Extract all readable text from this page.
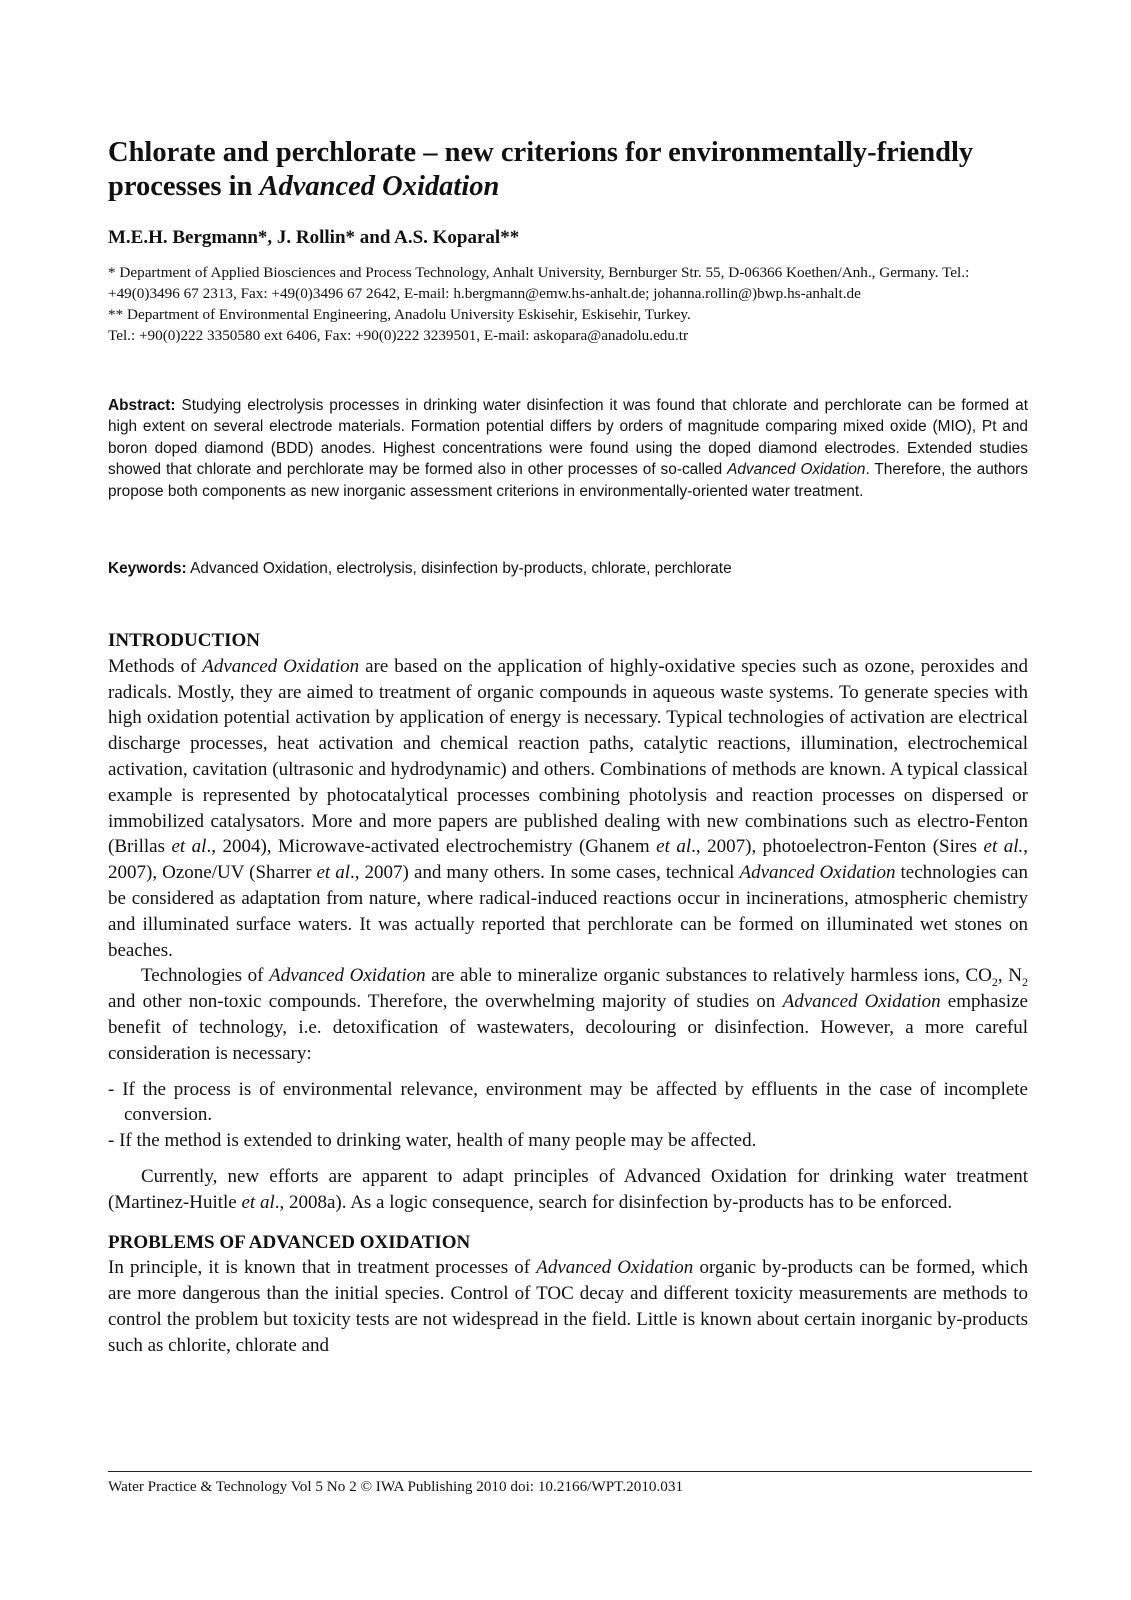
Chlorate and perchlorate – new criterions for environmentally-friendly processes in Advanced Oxidation

M.E.H. Bergmann*, J. Rollin* and A.S. Koparal**

* Department of Applied Biosciences and Process Technology, Anhalt University, Bernburger Str. 55, D-06366 Koethen/Anh., Germany. Tel.: +49(0)3496 67 2313, Fax: +49(0)3496 67 2642, E-mail: h.bergmann@emw.hs-anhalt.de; johanna.rollin@)bwp.hs-anhalt.de
** Department of Environmental Engineering, Anadolu University Eskisehir, Eskisehir, Turkey.
Tel.: +90(0)222 3350580 ext 6406, Fax: +90(0)222 3239501, E-mail: askopara@anadolu.edu.tr

Abstract: Studying electrolysis processes in drinking water disinfection it was found that chlorate and perchlorate can be formed at high extent on several electrode materials. Formation potential differs by orders of magnitude comparing mixed oxide (MIO), Pt and boron doped diamond (BDD) anodes. Highest concentrations were found using the doped diamond electrodes. Extended studies showed that chlorate and perchlorate may be formed also in other processes of so-called Advanced Oxidation. Therefore, the authors propose both components as new inorganic assessment criterions in environmentally-oriented water treatment.

Keywords: Advanced Oxidation, electrolysis, disinfection by-products, chlorate, perchlorate

INTRODUCTION

Methods of Advanced Oxidation are based on the application of highly-oxidative species such as ozone, peroxides and radicals. Mostly, they are aimed to treatment of organic compounds in aqueous waste systems. To generate species with high oxidation potential activation by application of energy is necessary. Typical technologies of activation are electrical discharge processes, heat activation and chemical reaction paths, catalytic reactions, illumination, electrochemical activation, cavitation (ultrasonic and hydrodynamic) and others. Combinations of methods are known. A typical classical example is represented by photocatalytical processes combining photolysis and reaction processes on dispersed or immobilized catalysators. More and more papers are published dealing with new combinations such as electro-Fenton (Brillas et al., 2004), Microwave-activated electrochemistry (Ghanem et al., 2007), photoelectron-Fenton (Sires et al., 2007), Ozone/UV (Sharrer et al., 2007) and many others. In some cases, technical Advanced Oxidation technologies can be considered as adaptation from nature, where radical-induced reactions occur in incinerations, atmospheric chemistry and illuminated surface waters. It was actually reported that perchlorate can be formed on illuminated wet stones on beaches.

Technologies of Advanced Oxidation are able to mineralize organic substances to relatively harmless ions, $CO_2$, $N_2$ and other non-toxic compounds. Therefore, the overwhelming majority of studies on Advanced Oxidation emphasize benefit of technology, i.e. detoxification of wastewaters, decolouring or disinfection. However, a more careful consideration is necessary:

- If the process is of environmental relevance, environment may be affected by effluents in the case of incomplete conversion.
- If the method is extended to drinking water, health of many people may be affected.

Currently, new efforts are apparent to adapt principles of Advanced Oxidation for drinking water treatment (Martinez-Huitle et al., 2008a). As a logic consequence, search for disinfection by-products has to be enforced.

PROBLEMS OF ADVANCED OXIDATION

In principle, it is known that in treatment processes of Advanced Oxidation organic by-products can be formed, which are more dangerous than the initial species. Control of TOC decay and different toxicity measurements are methods to control the problem but toxicity tests are not widespread in the field. Little is known about certain inorganic by-products such as chlorite, chlorate and

Water Practice & Technology Vol 5 No 2 © IWA Publishing 2010 doi: 10.2166/WPT.2010.031
